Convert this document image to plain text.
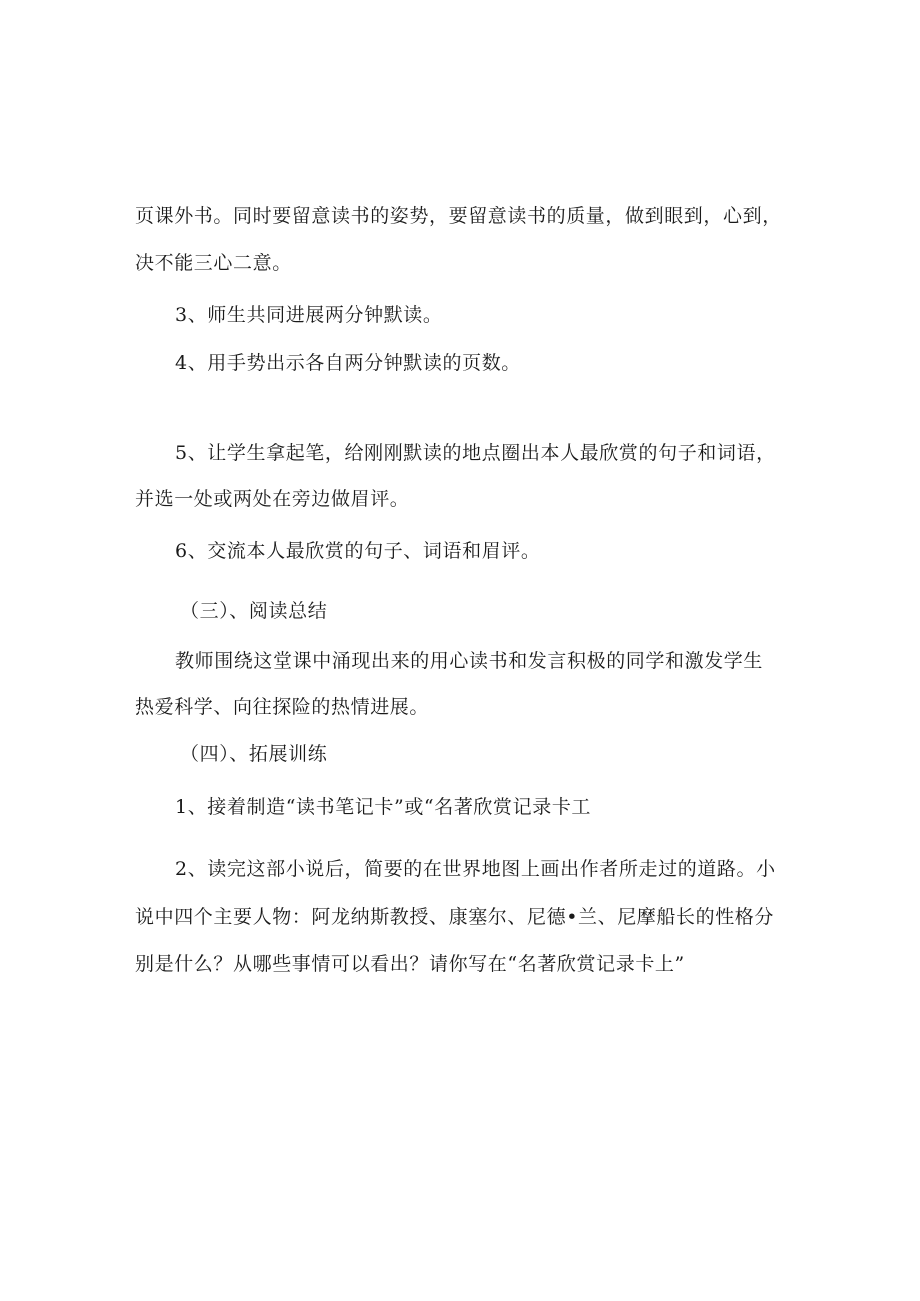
页课外书。同时要留意读书的姿势，要留意读书的质量，做到眼到，心到，

决不能三心二意。

3、师生共同进展两分钟默读。

4、用手势出示各自两分钟默读的页数。

5、让学生拿起笔，给刚刚默读的地点圈出本人最欣赏的句子和词语，

并选一处或两处在旁边做眉评。

6、交流本人最欣赏的句子、词语和眉评。

（三）、阅读总结

教师围绕这堂课中涌现出来的用心读书和发言积极的同学和激发学生

热爱科学、向往探险的热情进展。

（四）、拓展训练

1、接着制造“读书笔记卡”或“名著欣赏记录卡工

2、读完这部小说后，简要的在世界地图上画出作者所走过的道路。小

说中四个主要人物：阿龙纳斯教授、康塞尔、尼德•兰、尼摩船长的性格分

别是什么？从哪些事情可以看出？请你写在“名著欣赏记录卡上”
